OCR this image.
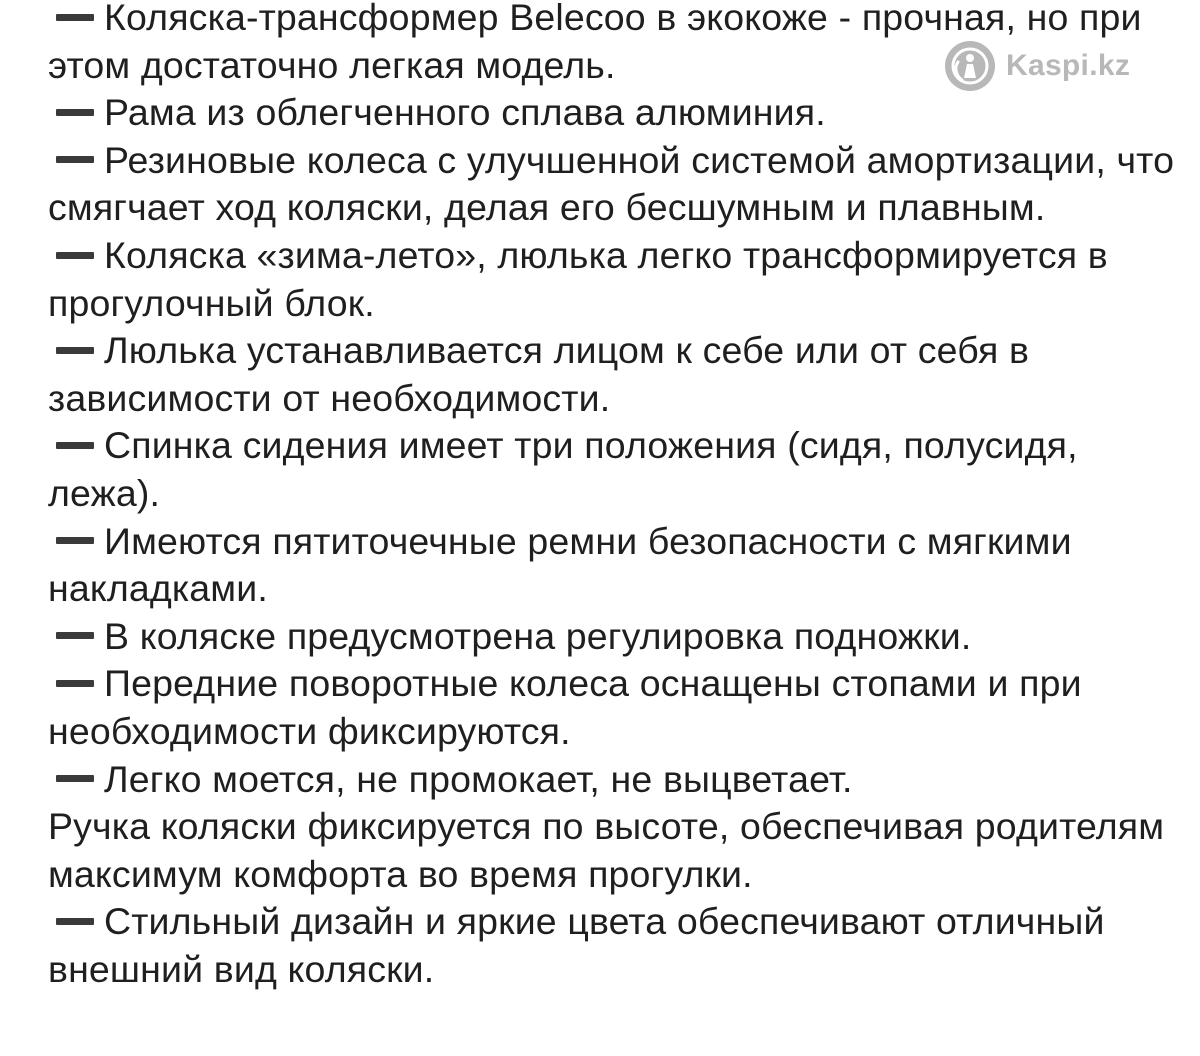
Коляска-трансформер Belecoo в экокоже - прочная, но при этом достаточно легкая модель.

Рама из облегченного сплава алюминия.

Резиновые колеса с улучшенной системой амортизации, что смягчает ход коляски, делая его бесшумным и плавным.

Коляска «зима-лето», люлька легко трансформируется в прогулочный блок.

Люлька устанавливается лицом к себе или от себя в зависимости от необходимости.

Спинка сидения имеет три положения (сидя, полусидя, лежа).

Имеются пятиточечные ремни безопасности с мягкими накладками.

В коляске предусмотрена регулировка подножки.

Передние поворотные колеса оснащены стопами и при необходимости фиксируются.

Легко моется, не промокает, не выцветает.

Ручка коляски фиксируется по высоте, обеспечивая родителям максимум комфорта во время прогулки.

Стильный дизайн и яркие цвета обеспечивают отличный внешний вид коляски.

Kaspi.kz
